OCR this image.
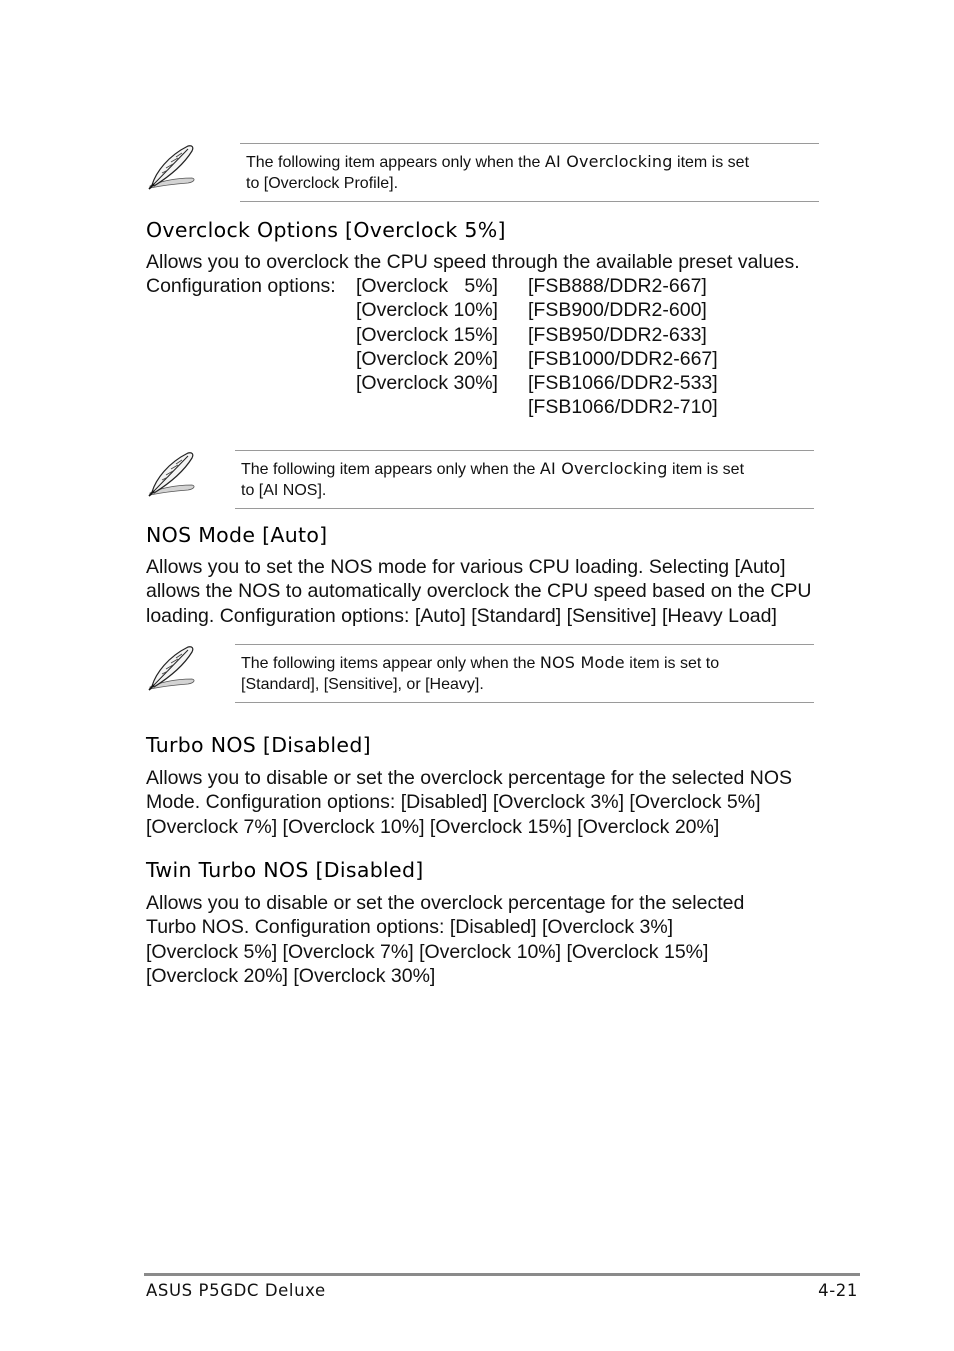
The following item appears only when the AI Overclocking item is set
to [Overclock Profile].
Overclock Options [Overclock 5%]

Allows you to overclock the CPU speed through the available preset values.

Configuration options: [Overclock   5%]
[Overclock 10%]
[Overclock 15%]
[Overclock 20%]
[Overclock 30%]
[FSB888/DDR2-667]
[FSB900/DDR2-600]
[FSB950/DDR2-633]
[FSB1000/DDR2-667]
[FSB1066/DDR2-533]
[FSB1066/DDR2-710]
The following item appears only when the AI Overclocking item is set
to [AI NOS].
NOS Mode [Auto]
Allows you to set the NOS mode for various CPU loading. Selecting [Auto]
allows the NOS to automatically overclock the CPU speed based on the CPU
loading. Configuration options: [Auto] [Standard] [Sensitive] [Heavy Load]
The following items appear only when the NOS Mode item is set to
[Standard], [Sensitive], or [Heavy].
Turbo NOS [Disabled]
Allows you to disable or set the overclock percentage for the selected NOS
Mode. Configuration options: [Disabled] [Overclock 3%] [Overclock 5%]
[Overclock 7%] [Overclock 10%] [Overclock 15%] [Overclock 20%]
Twin Turbo NOS [Disabled]
Allows you to disable or set the overclock percentage for the selected
Turbo NOS. Configuration options: [Disabled] [Overclock 3%]
[Overclock 5%] [Overclock 7%] [Overclock 10%] [Overclock 15%]
[Overclock 20%] [Overclock 30%]
ASUS P5GDC Deluxe	4-21
